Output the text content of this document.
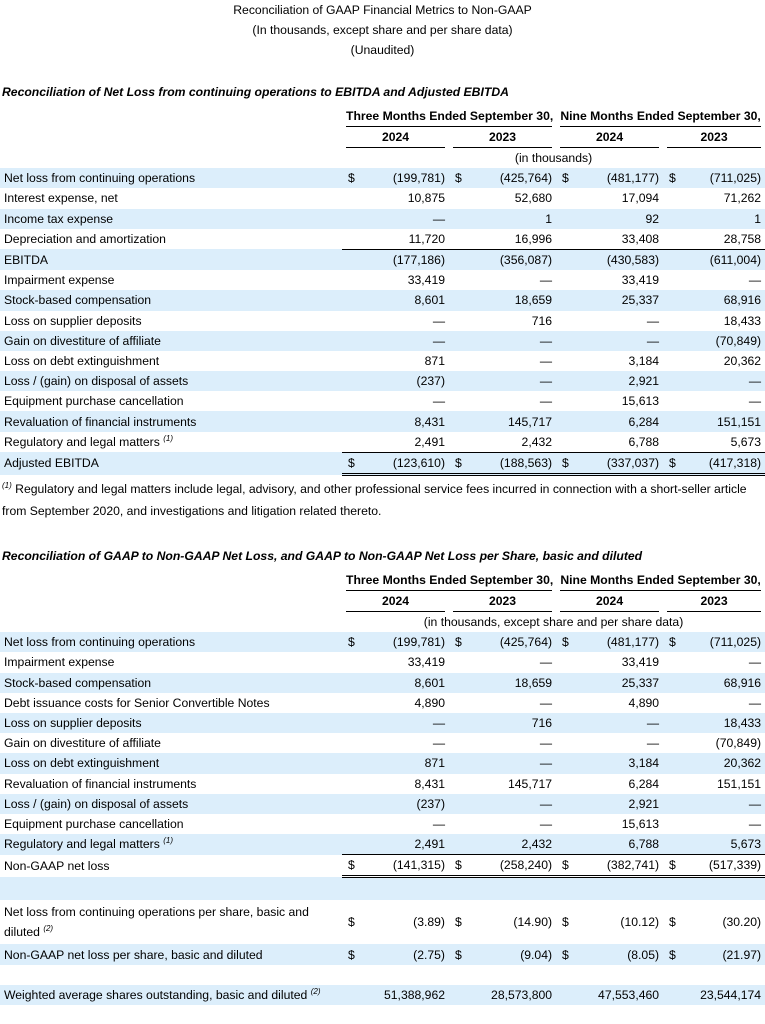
Reconciliation of GAAP Financial Metrics to Non-GAAP
(In thousands, except share and per share data)
(Unaudited)
Reconciliation of Net Loss from continuing operations to EBITDA and Adjusted EBITDA

	Three Months Ended September 30,				Nine Months Ended September 30,			

	2024		2023		2024		2023	

	(in thousands)							
Net loss from continuing operations	$	(199,781)	$	(425,764)	$	(481,177)	$	(711,025)
Interest expense, net		10,875		52,680		17,094		71,262
Income tax expense		—		1		92		1
Depreciation and amortization		11,720		16,996		33,408		28,758
EBITDA		(177,186)		(356,087)		(430,583)		(611,004)
Impairment expense		33,419		—		33,419		—
Stock-based compensation		8,601		18,659		25,337		68,916
Loss on supplier deposits		—		716		—		18,433
Gain on divestiture of affiliate		—		—		—		(70,849)
Loss on debt extinguishment		871		—		3,184		20,362
Loss / (gain) on disposal of assets		(237)		—		2,921		—
Equipment purchase cancellation		—		—		15,613		—
Revaluation of financial instruments		8,431		145,717		6,284		151,151
Regulatory and legal matters $^{(1)}$		2,491		2,432		6,788		5,673
Adjusted EBITDA	$	(123,610)	$	(188,563)	$	(337,037)	$	(417,318)
$^{(1)}$ Regulatory and legal matters include legal, advisory, and other professional service fees incurred in connection with a short-seller article from September 2020, and investigations and litigation related thereto.
Reconciliation of GAAP to Non-GAAP Net Loss, and GAAP to Non-GAAP Net Loss per Share, basic and diluted

	Three Months Ended September 30,				Nine Months Ended September 30,			

	2024		2023		2024		2023	

	(in thousands, except share and per share data)							
Net loss from continuing operations	$	(199,781)	$	(425,764)	$	(481,177)	$	(711,025)
Impairment expense		33,419		—		33,419		—
Stock-based compensation		8,601		18,659		25,337		68,916
Debt issuance costs for Senior Convertible Notes		4,890		—		4,890		—
Loss on supplier deposits		—		716		—		18,433
Gain on divestiture of affiliate		—		—		—		(70,849)
Loss on debt extinguishment		871		—		3,184		20,362
Revaluation of financial instruments		8,431		145,717		6,284		151,151
Loss / (gain) on disposal of assets		(237)		—		2,921		—
Equipment purchase cancellation		—		—		15,613		—
Regulatory and legal matters $^{(1)}$		2,491		2,432		6,788		5,673
Non-GAAP net loss	$	(141,315)	$	(258,240)	$	(382,741)	$	(517,339)

Net loss from continuing operations per share, basic and
diluted $^{(2)}$	$	(3.89)	$	(14.90)	$	(10.12)	$	(30.20)
Non-GAAP net loss per share, basic and diluted	$	(2.75)	$	(9.04)	$	(8.05)	$	(21.97)

Weighted average shares outstanding, basic and diluted $^{(2)}$		51,388,962		28,573,800		47,553,460		23,544,174
